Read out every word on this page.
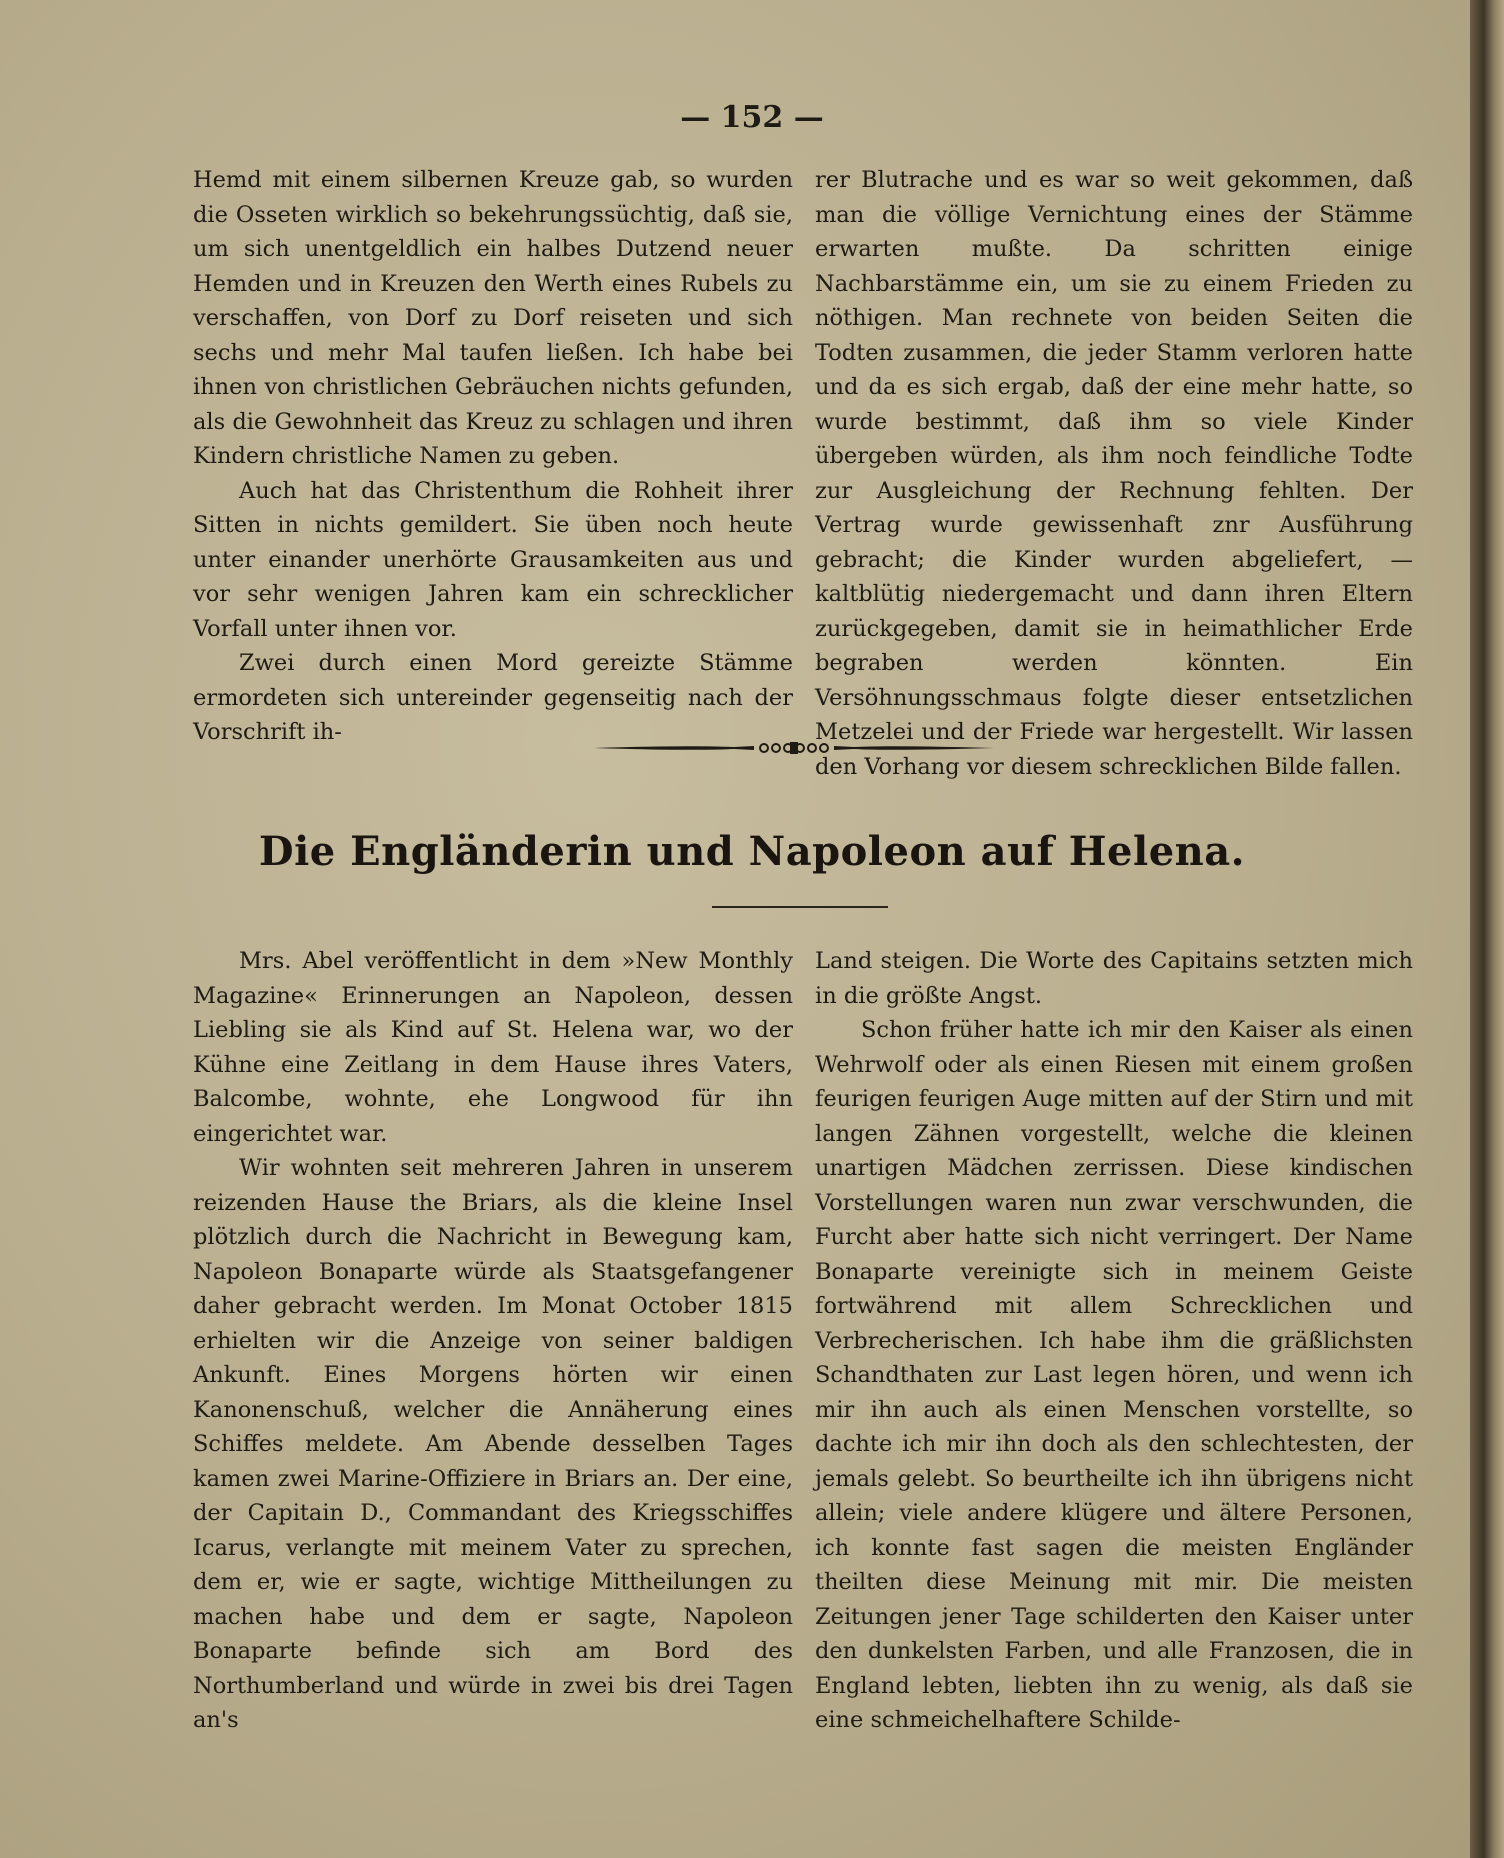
— 152 —

Hemd mit einem silbernen Kreuze gab, so wurden die Osseten wirklich so bekehrungssüchtig, daß sie, um sich unentgeldlich ein halbes Dutzend neuer Hemden und in Kreuzen den Werth eines Rubels zu verschaffen, von Dorf zu Dorf reiseten und sich sechs und mehr Mal taufen ließen. Ich habe bei ihnen von christlichen Gebräuchen nichts gefunden, als die Gewohnheit das Kreuz zu schlagen und ihren Kindern christliche Namen zu geben.

Auch hat das Christenthum die Rohheit ihrer Sitten in nichts gemildert. Sie üben noch heute unter einander unerhörte Grausamkeiten aus und vor sehr wenigen Jahren kam ein schrecklicher Vorfall unter ihnen vor.

Zwei durch einen Mord gereizte Stämme ermordeten sich untereinder gegenseitig nach der Vorschrift ih-

rer Blutrache und es war so weit gekommen, daß man die völlige Vernichtung eines der Stämme erwarten mußte. Da schritten einige Nachbarstämme ein, um sie zu einem Frieden zu nöthigen. Man rechnete von beiden Seiten die Todten zusammen, die jeder Stamm verloren hatte und da es sich ergab, daß der eine mehr hatte, so wurde bestimmt, daß ihm so viele Kinder übergeben würden, als ihm noch feindliche Todte zur Ausgleichung der Rechnung fehlten. Der Vertrag wurde gewissenhaft znr Ausführung gebracht; die Kinder wurden abgeliefert, — kaltblütig niedergemacht und dann ihren Eltern zurückgegeben, damit sie in heimathlicher Erde begraben werden könnten. Ein Versöhnungsschmaus folgte dieser entsetzlichen Metzelei und der Friede war hergestellt. Wir lassen den Vorhang vor diesem schrecklichen Bilde fallen.

Die Engländerin und Napoleon auf Helena.

Mrs. Abel veröffentlicht in dem »New Monthly Magazine« Erinnerungen an Napoleon, dessen Liebling sie als Kind auf St. Helena war, wo der Kühne eine Zeitlang in dem Hause ihres Vaters, Balcombe, wohnte, ehe Longwood für ihn eingerichtet war.

Wir wohnten seit mehreren Jahren in unserem reizenden Hause the Briars, als die kleine Insel plötzlich durch die Nachricht in Bewegung kam, Napoleon Bonaparte würde als Staatsgefangener daher gebracht werden. Im Monat October 1815 erhielten wir die Anzeige von seiner baldigen Ankunft. Eines Morgens hörten wir einen Kanonenschuß, welcher die Annäherung eines Schiffes meldete. Am Abende desselben Tages kamen zwei Marine-Offiziere in Briars an. Der eine, der Capitain D., Commandant des Kriegsschiffes Icarus, verlangte mit meinem Vater zu sprechen, dem er, wie er sagte, wichtige Mittheilungen zu machen habe und dem er sagte, Napoleon Bonaparte befinde sich am Bord des Northumberland und würde in zwei bis drei Tagen an's

Land steigen. Die Worte des Capitains setzten mich in die größte Angst.

Schon früher hatte ich mir den Kaiser als einen Wehrwolf oder als einen Riesen mit einem großen feurigen feurigen Auge mitten auf der Stirn und mit langen Zähnen vorgestellt, welche die kleinen unartigen Mädchen zerrissen. Diese kindischen Vorstellungen waren nun zwar verschwunden, die Furcht aber hatte sich nicht verringert. Der Name Bonaparte vereinigte sich in meinem Geiste fortwährend mit allem Schrecklichen und Verbrecherischen. Ich habe ihm die gräßlichsten Schandthaten zur Last legen hören, und wenn ich mir ihn auch als einen Menschen vorstellte, so dachte ich mir ihn doch als den schlechtesten, der jemals gelebt. So beurtheilte ich ihn übrigens nicht allein; viele andere klügere und ältere Personen, ich konnte fast sagen die meisten Engländer theilten diese Meinung mit mir. Die meisten Zeitungen jener Tage schilderten den Kaiser unter den dunkelsten Farben, und alle Franzosen, die in England lebten, liebten ihn zu wenig, als daß sie eine schmeichelhaftere Schilde-
